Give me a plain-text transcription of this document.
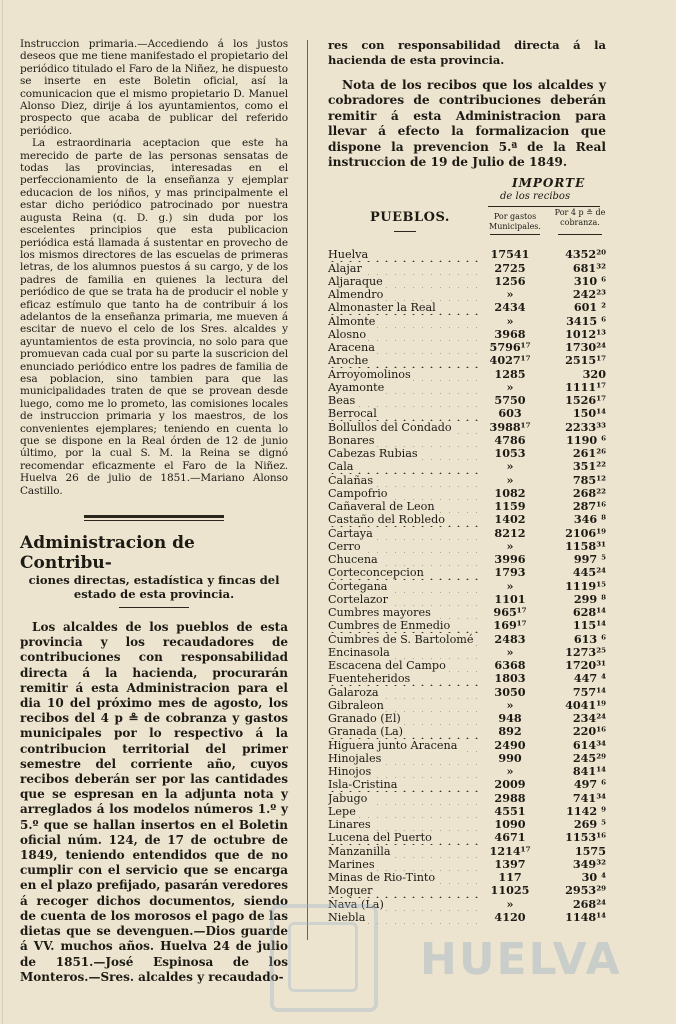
Instruccion primaria.—Accediendo á los justos deseos que me tiene manifestado el propietario del periódico titulado el Faro de la Niñez, he dispuesto se inserte en este Boletin oficial, así la comunicacion que el mismo propietario D. Manuel Alonso Diez, dirije á los ayuntamientos, como el prospecto que acaba de publicar del referido periódico.

La estraordinaria aceptacion que este ha merecido de parte de las personas sensatas de todas las provincias, interesadas en el perfeccionamiento de la enseñanza y ejemplar educacion de los niños, y mas principalmente el estar dicho periódico patrocinado por nuestra augusta Reina (q. D. g.) sin duda por los escelentes principios que esta publicacion periódica está llamada á sustentar en provecho de los mismos directores de las escuelas de primeras letras, de los alumnos puestos á su cargo, y de los padres de familia en quienes la lectura del periódico de que se trata ha de producir el noble y eficaz estímulo que tanto ha de contribuir á los adelantos de la enseñanza primaria, me mueven á escitar de nuevo el celo de los Sres. alcaldes y ayuntamientos de esta provincia, no solo para que promuevan cada cual por su parte la suscricion del enunciado periódico entre los padres de familia de esa poblacion, sino tambien para que las municipalidades traten de que se provean desde luego, como me lo prometo, las comisiones locales de instruccion primaria y los maestros, de los convenientes ejemplares; teniendo en cuenta lo que se dispone en la Real órden de 12 de junio último, por la cual S. M. la Reina se dignó recomendar eficazmente el Faro de la Niñez. Huelva 26 de julio de 1851.—Mariano Alonso Castillo.

Administracion de Contribu-

ciones directas, estadística y fincas del estado de esta provincia.

Los alcaldes de los pueblos de esta provincia y los recaudadores de contribuciones con responsabilidad directa á la hacienda, procurarán remitir á esta Administracion para el dia 10 del próximo mes de agosto, los recibos del 4 p ≗ de cobranza y gastos municipales por lo respectivo á la contribucion territorial del primer semestre del corriente año, cuyos recibos deberán ser por las cantidades que se espresan en la adjunta nota y arreglados á los modelos números 1.º y 5.º que se hallan insertos en el Boletin oficial núm. 124, de 17 de octubre de 1849, teniendo entendidos que de no cumplir con el servicio que se encarga en el plazo prefijado, pasarán veredores á recoger dichos documentos, siendo de cuenta de los morosos el pago de las dietas que se devenguen.—Dios guarde á VV. muchos años. Huelva 24 de julio de 1851.—José Espinosa de los Monteros.—Sres. alcaldes y recaudado-

res con responsabilidad directa á la hacienda de esta provincia.

Nota de los recibos que los alcaldes y cobradores de contribuciones deberán remitir á esta Administracion para llevar á efecto la formalizacion que dispone la prevencion 5.ª de la Real instruccion de 19 de Julio de 1849.

IMPORTE
de los recibos
PUEBLOS.	Por gastos Municipales.
Por 4 p ≗ de cobranza.
Huelva	17541	4352²⁰
Alajar	2725	681³²
Aljaraque	1256	310 ⁶
Almendro	»	242²³
Almonaster la Real	2434	601 ²
Almonte	»	3415 ⁶
Alosno	3968	1012¹³
Aracena	5796¹⁷	1730²⁴
Aroche	4027¹⁷	2515¹⁷
Arroyomolinos	1285	320
Ayamonte	»	1111¹⁷
Beas	5750	1526¹⁷
Berrocal	603	150¹⁴
Bollullos del Condado	3988¹⁷	2233³³
Bonares	4786	1190 ⁶
Cabezas Rubias	1053	261²⁶
Cala	»	351²²
Calañas	»	785¹²
Campofrio	1082	268²²
Cañaveral de Leon	1159	287¹⁶
Castaño del Robledo	1402	346 ⁸
Cartaya	8212	2106¹⁹
Cerro	»	1158³¹
Chucena	3996	997 ⁵
Corteconcepcion	1793	445²⁴
Cortegana	»	1119¹⁵
Cortelazor	1101	299 ⁸
Cumbres mayores	965¹⁷	628¹⁴
Cumbres de Enmedio	169¹⁷	115¹⁴
Cumbres de S. Bartolomé	2483	613 ⁶
Encinasola	»	1273²⁵
Escacena del Campo	6368	1720³¹
Fuenteheridos	1803	447 ⁴
Galaroza	3050	757¹⁴
Gibraleon	»	4041¹⁹
Granado (El)	948	234²⁴
Granada (La)	892	220¹⁶
Higuera junto Aracena	2490	614³⁴
Hinojales	990	245²⁹
Hinojos	»	841¹⁴
Isla-Cristina	2009	497 ⁶
Jabugo	2988	741³⁴
Lepe	4551	1142 ⁹
Linares	1090	269 ⁵
Lucena del Puerto	4671	1153¹⁶
Manzanilla	1214¹⁷	1575
Marines	1397	349³²
Minas de Rio-Tinto	117	30 ⁴
Moguer	11025	2953²⁹
Nava (La)	»	268²⁴
Niebla	4120	1148¹⁴
HUELVA
